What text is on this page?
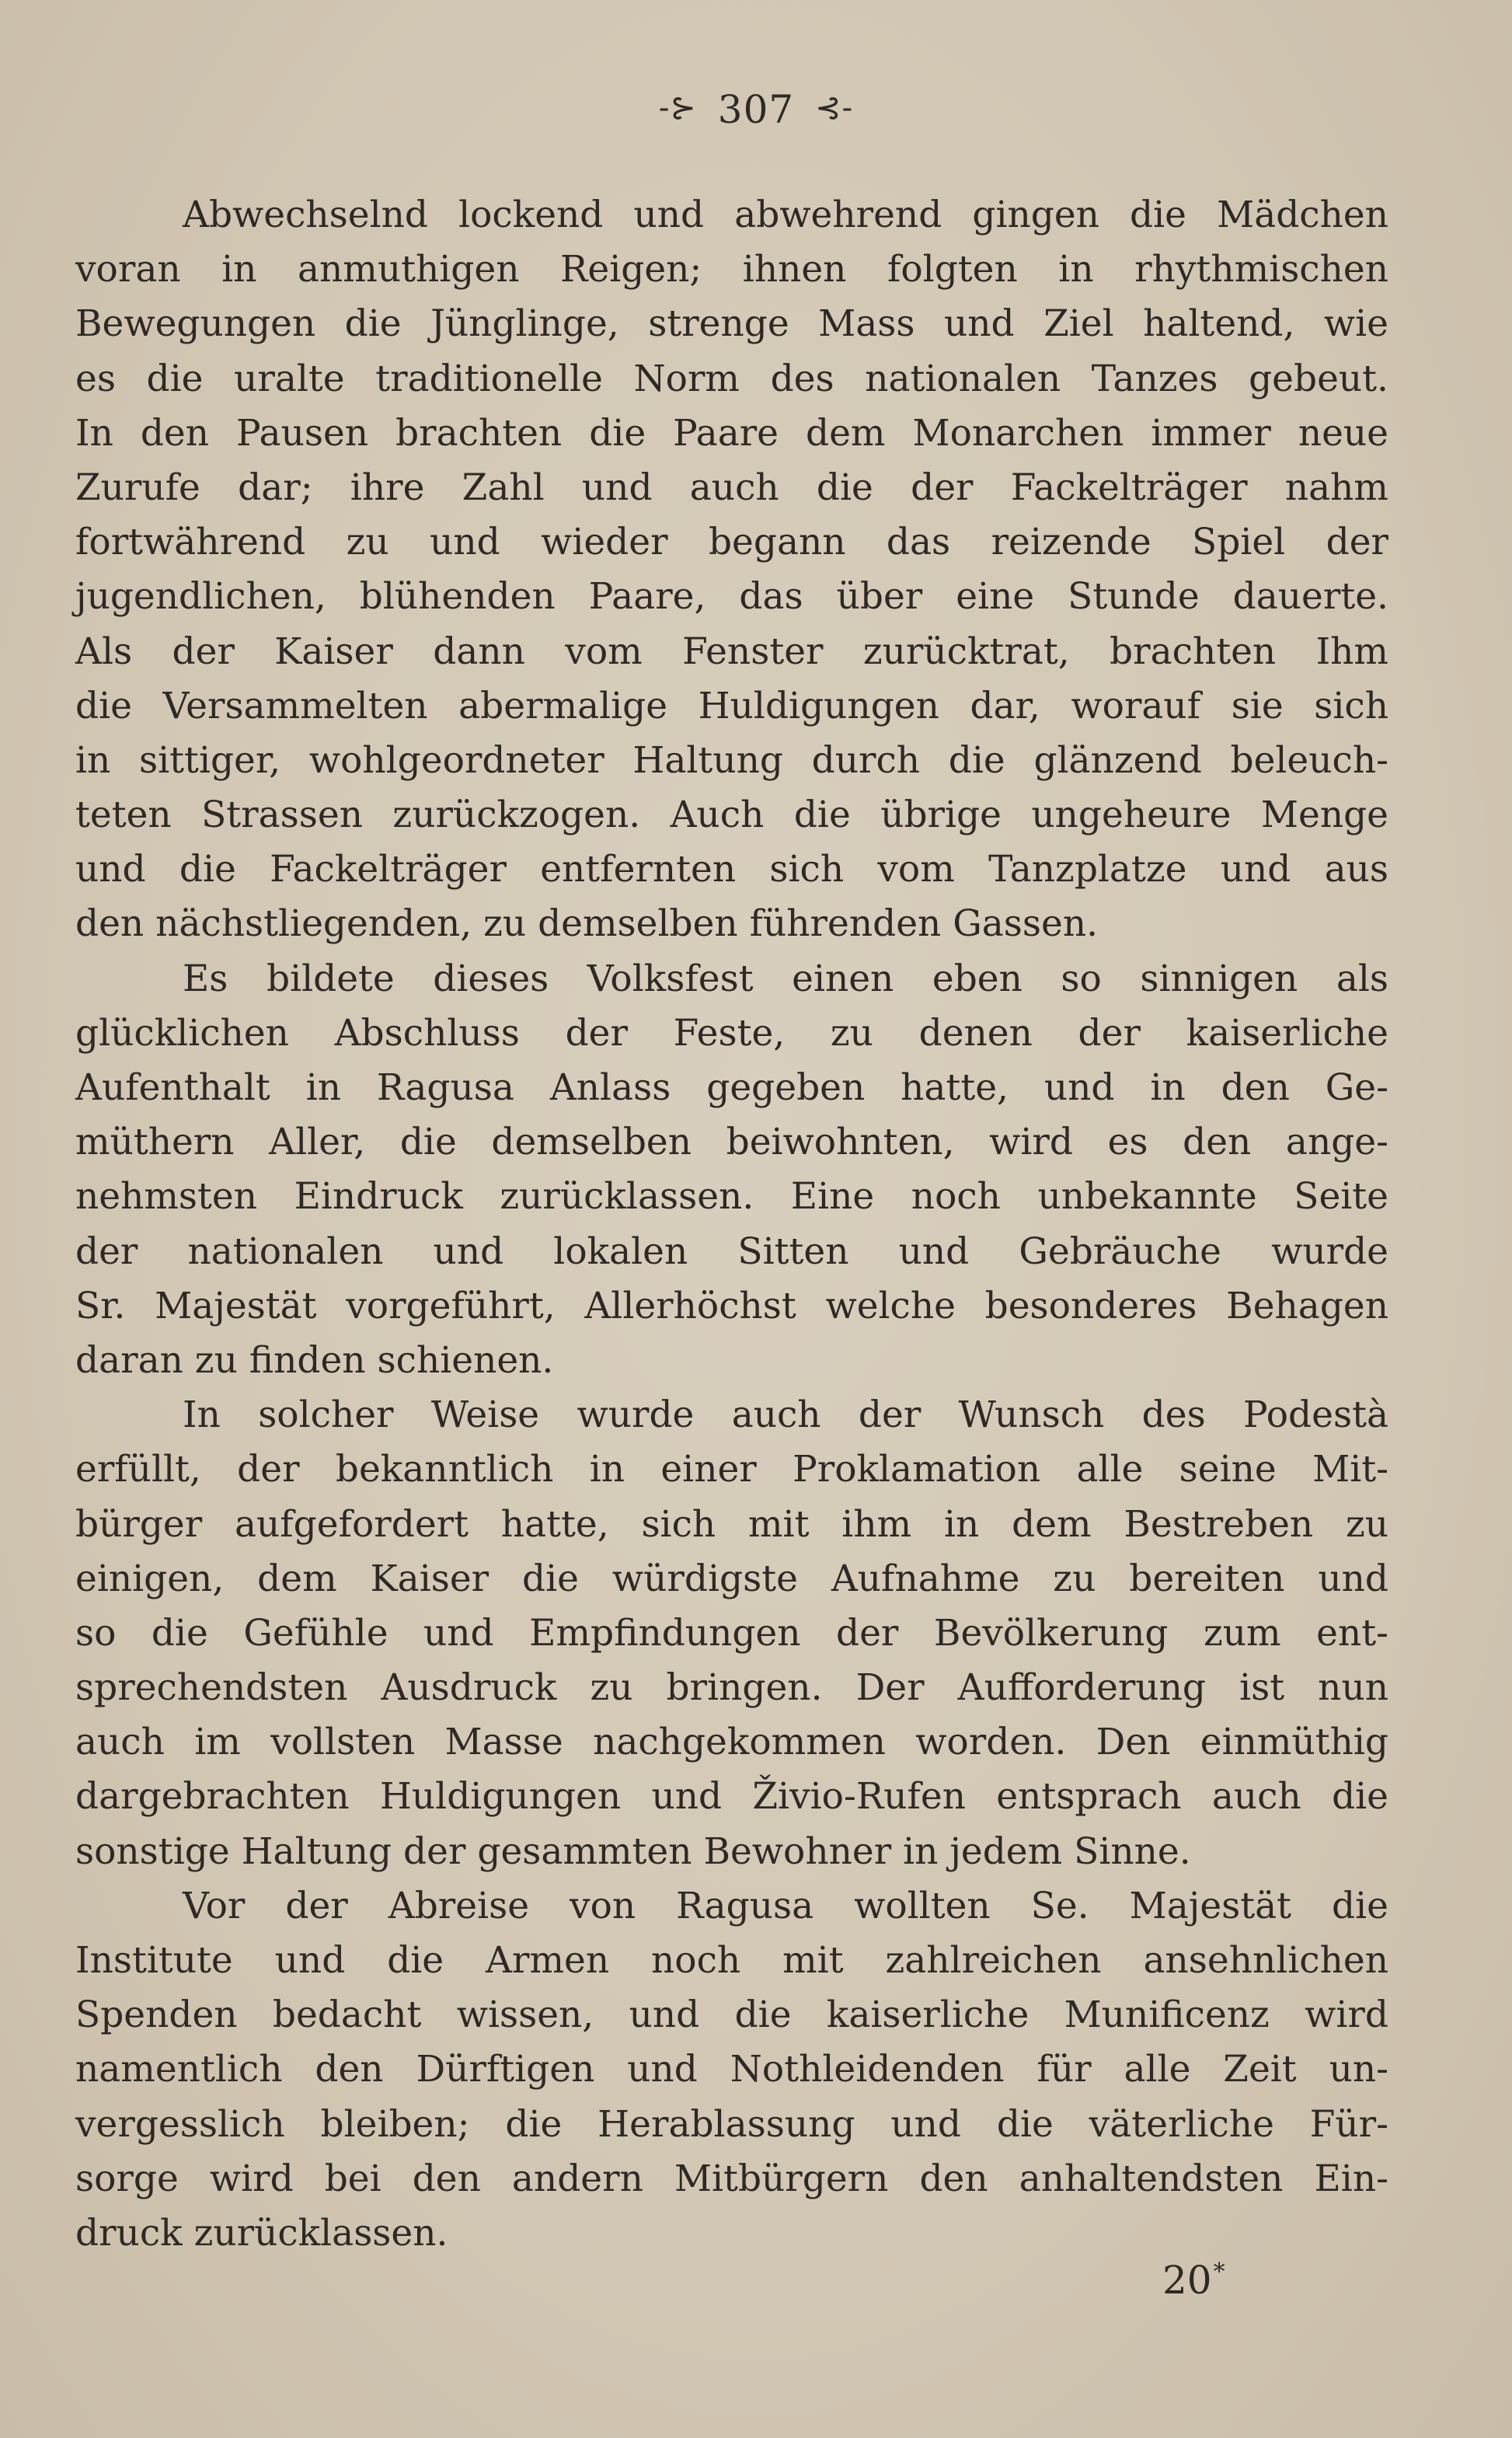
-⊱ 307 ⊰-
Abwechselnd lockend und abwehrend gingen die Mädchen
voran in anmuthigen Reigen; ihnen folgten in rhythmischen
Bewegungen die Jünglinge, strenge Mass und Ziel haltend, wie
es die uralte traditionelle Norm des nationalen Tanzes gebeut.
In den Pausen brachten die Paare dem Monarchen immer neue
Zurufe dar; ihre Zahl und auch die der Fackelträger nahm
fortwährend zu und wieder begann das reizende Spiel der
jugendlichen, blühenden Paare, das über eine Stunde dauerte.
Als der Kaiser dann vom Fenster zurücktrat, brachten Ihm
die Versammelten abermalige Huldigungen dar, worauf sie sich
in sittiger, wohlgeordneter Haltung durch die glänzend beleuch-
teten Strassen zurückzogen. Auch die übrige ungeheure Menge
und die Fackelträger entfernten sich vom Tanzplatze und aus
den nächstliegenden, zu demselben führenden Gassen.
Es bildete dieses Volksfest einen eben so sinnigen als
glücklichen Abschluss der Feste, zu denen der kaiserliche
Aufenthalt in Ragusa Anlass gegeben hatte, und in den Ge-
müthern Aller, die demselben beiwohnten, wird es den ange-
nehmsten Eindruck zurücklassen. Eine noch unbekannte Seite
der nationalen und lokalen Sitten und Gebräuche wurde
Sr. Majestät vorgeführt, Allerhöchst welche besonderes Behagen
daran zu finden schienen.
In solcher Weise wurde auch der Wunsch des Podestà
erfüllt, der bekanntlich in einer Proklamation alle seine Mit-
bürger aufgefordert hatte, sich mit ihm in dem Bestreben zu
einigen, dem Kaiser die würdigste Aufnahme zu bereiten und
so die Gefühle und Empfindungen der Bevölkerung zum ent-
sprechendsten Ausdruck zu bringen. Der Aufforderung ist nun
auch im vollsten Masse nachgekommen worden. Den einmüthig
dargebrachten Huldigungen und Živio-Rufen entsprach auch die
sonstige Haltung der gesammten Bewohner in jedem Sinne.
Vor der Abreise von Ragusa wollten Se. Majestät die
Institute und die Armen noch mit zahlreichen ansehnlichen
Spenden bedacht wissen, und die kaiserliche Munificenz wird
namentlich den Dürftigen und Nothleidenden für alle Zeit un-
vergesslich bleiben; die Herablassung und die väterliche Für-
sorge wird bei den andern Mitbürgern den anhaltendsten Ein-
druck zurücklassen.
20*
